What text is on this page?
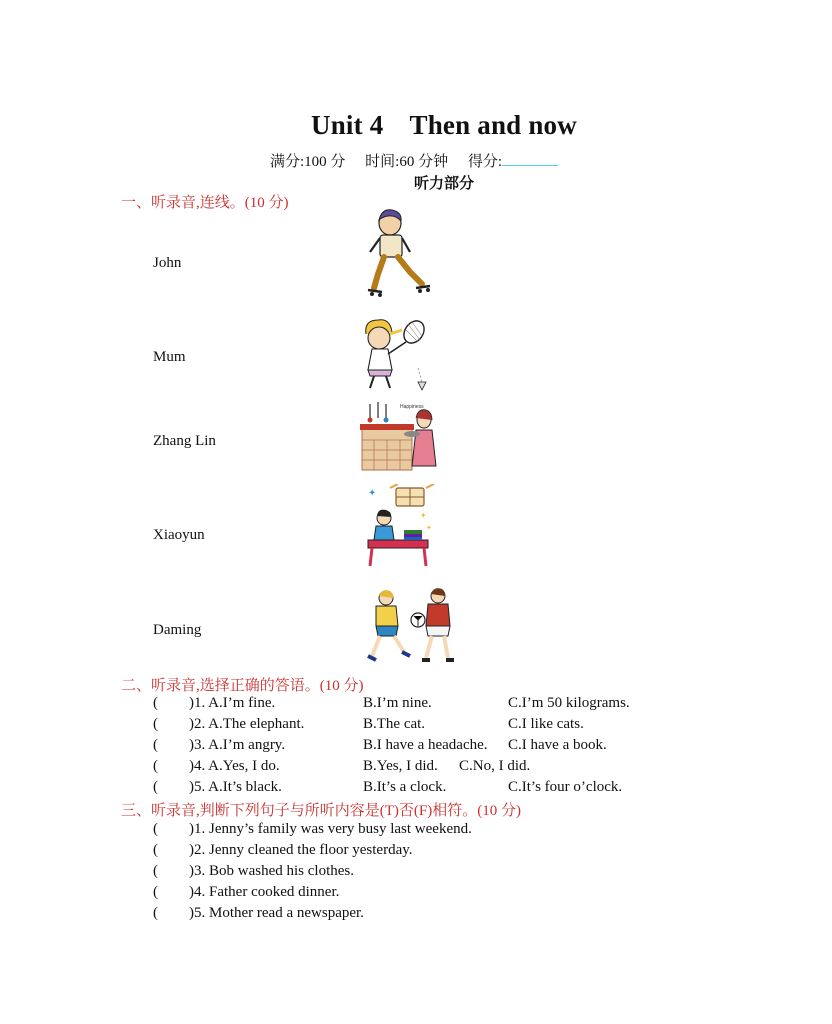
Unit 4 Then and now
满分:100 分 时间:60 分钟 得分:
听力部分
一、听录音,连线。(10 分)
John
Mum
Zhang Lin
Xiaoyun
Daming
Happiness
✦
✦
✦
二、听录音,选择正确的答语。(10 分)
( )1. A.I’m fine.	B.I’m nine.	C.I’m 50 kilograms.
( )2. A.The elephant.	B.The cat.	C.I like cats.
( )3. A.I’m angry.	B.I have a headache. C.I have a book.
( )4. A.Yes, I do.	B.Yes, I did. C.No, I did.
( )5. A.It’s black.	B.It’s a clock.	C.It’s four o’clock.
三、听录音,判断下列句子与所听内容是(T)否(F)相符。(10 分)
( )1. Jenny’s family was very busy last weekend.
( )2. Jenny cleaned the floor yesterday.
( )3. Bob washed his clothes.
( )4. Father cooked dinner.
( )5. Mother read a newspaper.
